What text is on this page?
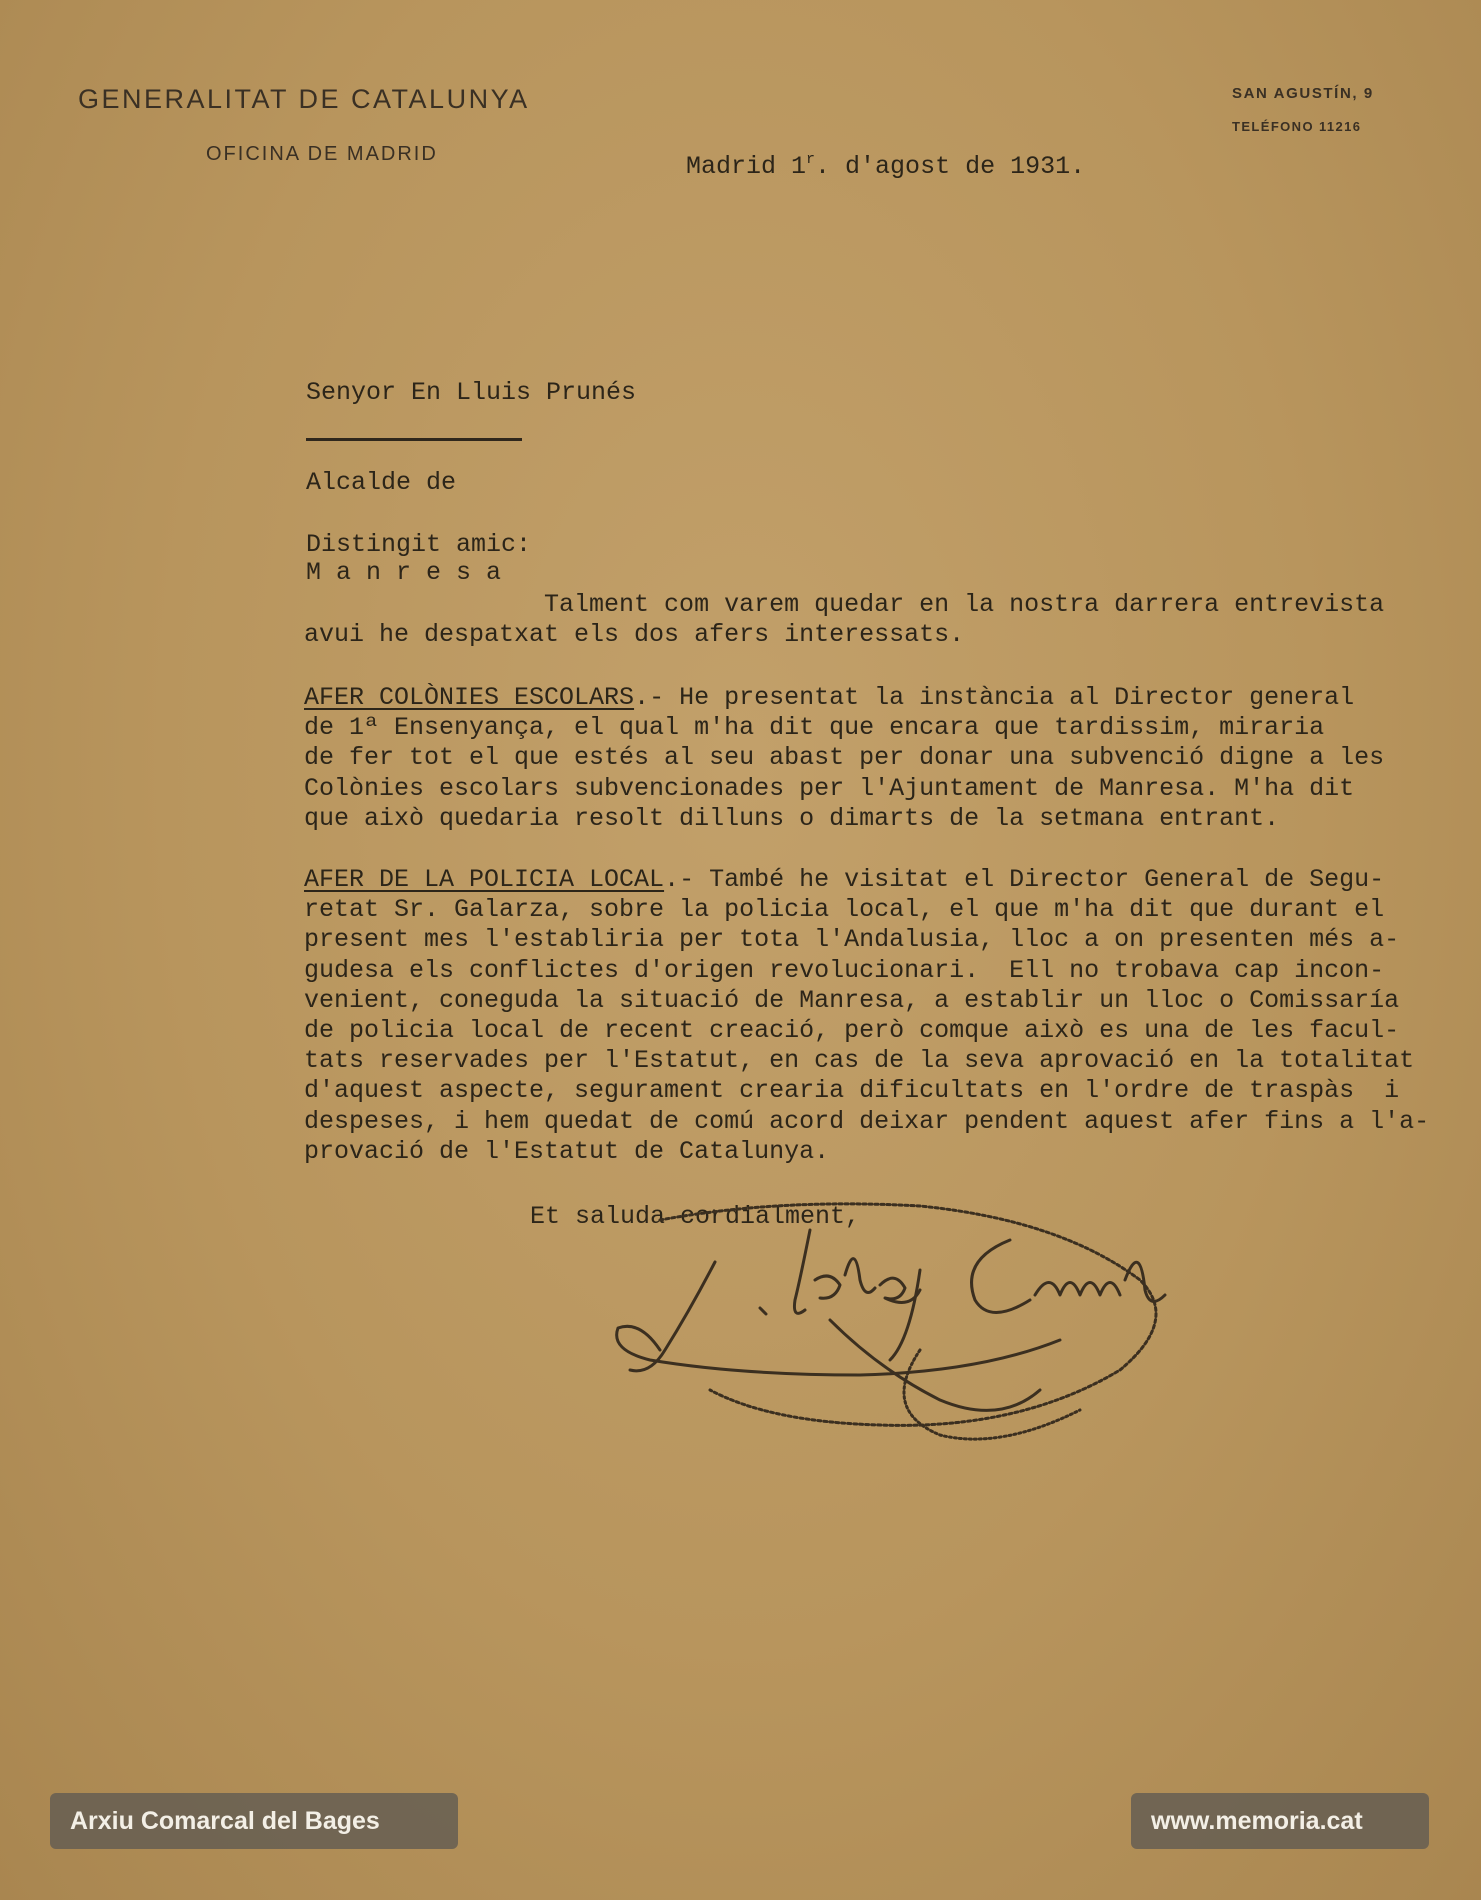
GENERALITAT DE CATALUNYA
OFICINA DE MADRID
SAN AGUSTÍN, 9
TELÉFONO 11216
Madrid 1$^r$. d'agost de 1931.

Senyor En Lluis Prunés

Alcalde de

M a n r e s a

Distingit amic:
Talment com varem quedar en la nostra darrera entrevista
avui he despatxat els dos afers interessats.
AFER COLÒNIES ESCOLARS.- He presentat la instància al Director general
de 1ª Ensenyança, el qual m'ha dit que encara que tardissim, miraria
de fer tot el que estés al seu abast per donar una subvenció digne a les
Colònies escolars subvencionades per l'Ajuntament de Manresa. M'ha dit
que això quedaria resolt dilluns o dimarts de la setmana entrant.
AFER DE LA POLICIA LOCAL.- També he visitat el Director General de Segu-
retat Sr. Galarza, sobre la policia local, el que m'ha dit que durant el
present mes l'establiria per tota l'Andalusia, lloc a on presenten més a-
gudesa els conflictes d'origen revolucionari.  Ell no trobava cap incon-
venient, coneguda la situació de Manresa, a establir un lloc o Comissaría
de policia local de recent creació, però comque això es una de les facul-
tats reservades per l'Estatut, en cas de la seva aprovació en la totalitat
d'aquest aspecte, segurament crearia dificultats en l'ordre de traspàs  i
despeses, i hem quedat de comú acord deixar pendent aquest afer fins a l'a-
provació de l'Estatut de Catalunya.
Et saluda cordialment,
J. Selves Carner
Arxiu Comarcal del Bages	www.memoria.cat
